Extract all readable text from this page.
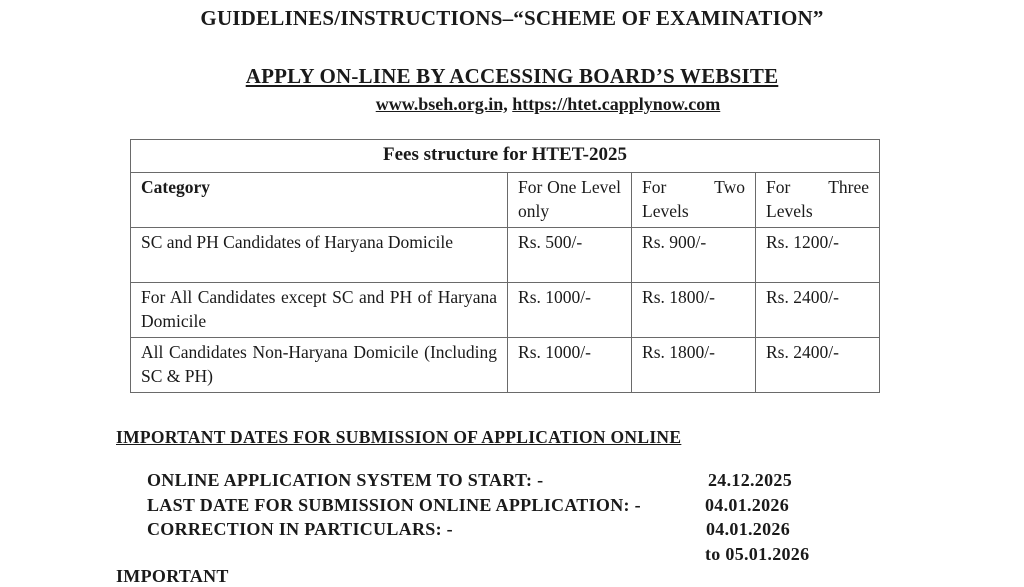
GUIDELINES/INSTRUCTIONS–“SCHEME OF EXAMINATION”
APPLY ON-LINE BY ACCESSING BOARD’S WEBSITE
www.bseh.org.in, https://htet.capplynow.com
Fees structure for HTET-2025			
Category	For One Level only	For Two Levels	For Three Levels

SC and PH Candidates of Haryana Domicile	Rs. 500/-	Rs. 900/-	Rs. 1200/-
For All Candidates except SC and PH of Haryana Domicile	Rs. 1000/-	Rs. 1800/-	Rs. 2400/-
All Candidates Non-Haryana Domicile (Including SC & PH)	Rs. 1000/-	Rs. 1800/-	Rs. 2400/-
IMPORTANT DATES FOR SUBMISSION OF APPLICATION ONLINE
ONLINE APPLICATION SYSTEM TO START: -	24.12.2025
LAST DATE FOR SUBMISSION ONLINE APPLICATION: -	04.01.2026
CORRECTION IN PARTICULARS: -	04.01.2026
to 05.01.2026
IMPORTANT
